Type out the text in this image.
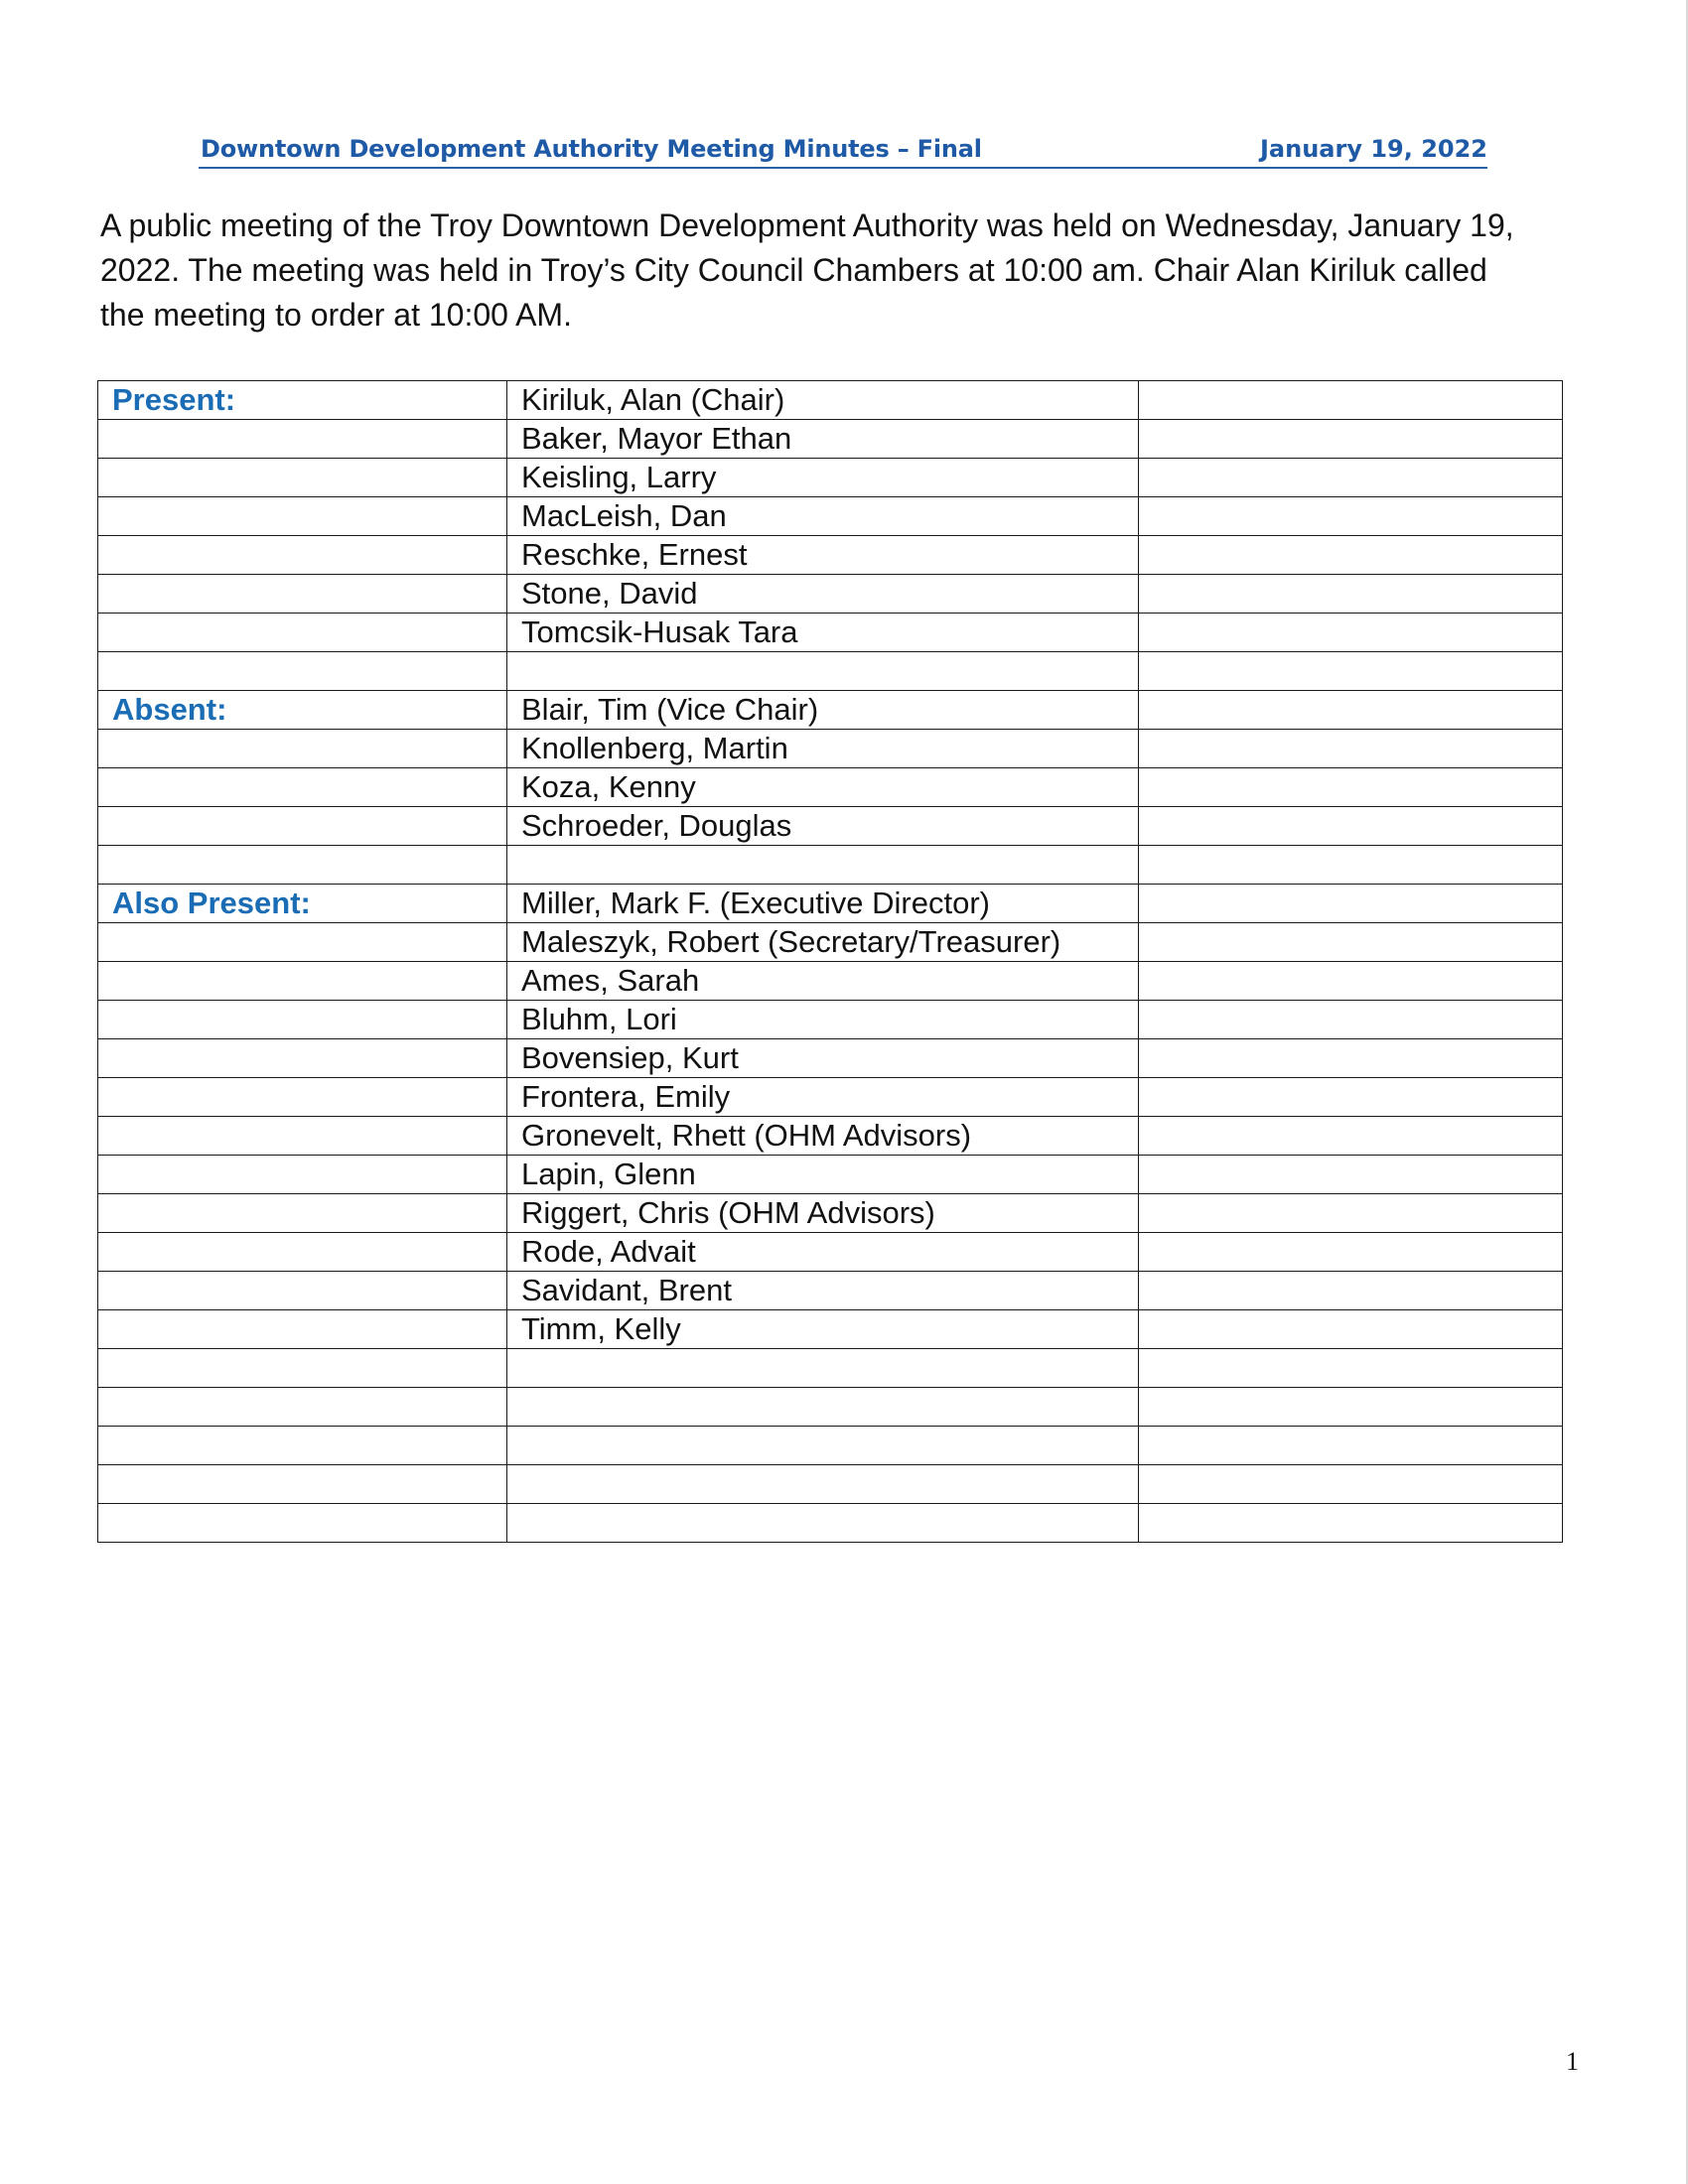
Downtown Development Authority Meeting Minutes – Final	January 19, 2022

A public meeting of the Troy Downtown Development Authority was held on Wednesday, January 19,

2022. The meeting was held in Troy’s City Council Chambers at 10:00 am. Chair Alan Kiriluk called

the meeting to order at 10:00 AM.

Present:	Kiriluk, Alan (Chair)	
	Baker, Mayor Ethan	
	Keisling, Larry	
	MacLeish, Dan	
	Reschke, Ernest	
	Stone, David	
	Tomcsik-Husak Tara	

Absent:	Blair, Tim (Vice Chair)	
	Knollenberg, Martin	
	Koza, Kenny	
	Schroeder, Douglas	

Also Present:	Miller, Mark F. (Executive Director)	
	Maleszyk, Robert (Secretary/Treasurer)	
	Ames, Sarah	
	Bluhm, Lori	
	Bovensiep, Kurt	
	Frontera, Emily	
	Gronevelt, Rhett (OHM Advisors)	
	Lapin, Glenn	
	Riggert, Chris (OHM Advisors)	
	Rode, Advait	
	Savidant, Brent	
	Timm, Kelly	

1
